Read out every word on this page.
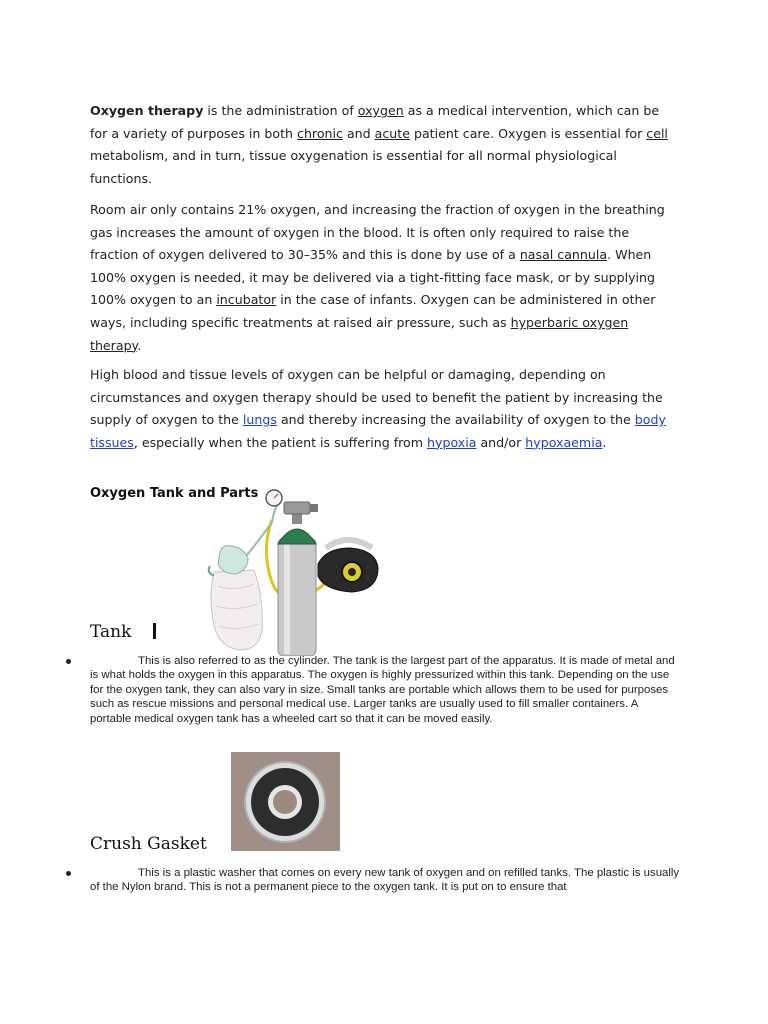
Oxygen therapy is the administration of oxygen as a medical intervention, which can be for a variety of purposes in both chronic and acute patient care. Oxygen is essential for cell metabolism, and in turn, tissue oxygenation is essential for all normal physiological functions.
Room air only contains 21% oxygen, and increasing the fraction of oxygen in the breathing gas increases the amount of oxygen in the blood. It is often only required to raise the fraction of oxygen delivered to 30–35% and this is done by use of a nasal cannula. When 100% oxygen is needed, it may be delivered via a tight-fitting face mask, or by supplying 100% oxygen to an incubator in the case of infants. Oxygen can be administered in other ways, including specific treatments at raised air pressure, such as hyperbaric oxygen therapy.
High blood and tissue levels of oxygen can be helpful or damaging, depending on circumstances and oxygen therapy should be used to benefit the patient by increasing the supply of oxygen to the lungs and thereby increasing the availability of oxygen to the body tissues, especially when the patient is suffering from hypoxia and/or hypoxaemia.
Oxygen Tank and Parts
Tank
This is also referred to as the cylinder. The tank is the largest part of the apparatus. It is made of metal and is what holds the oxygen in this apparatus. The oxygen is highly pressurized within this tank. Depending on the use for the oxygen tank, they can also vary in size. Small tanks are portable which allows them to be used for purposes such as rescue missions and personal medical use. Larger tanks are usually used to fill smaller containers. A portable medical oxygen tank has a wheeled cart so that it can be moved easily.
Crush Gasket
This is a plastic washer that comes on every new tank of oxygen and on refilled tanks. The plastic is usually of the Nylon brand. This is not a permanent piece to the oxygen tank. It is put on to ensure that
